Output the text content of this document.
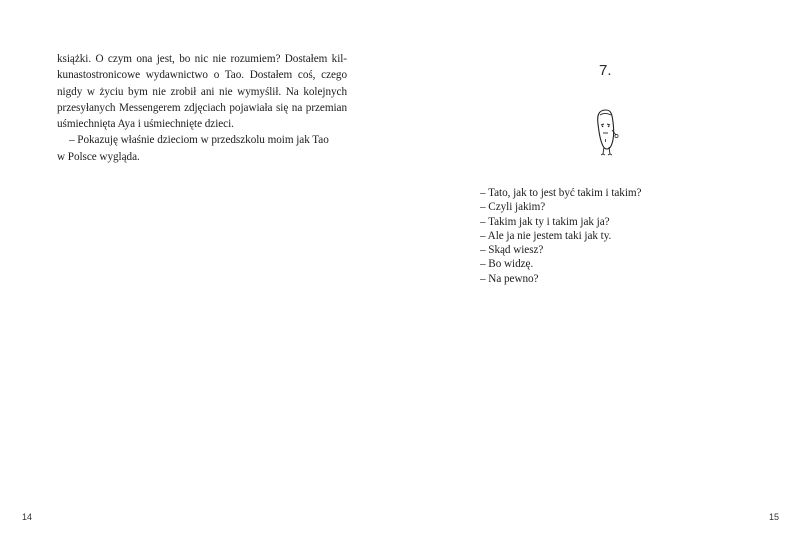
książki. O czym ona jest, bo nic nie rozumiem? Dostałem kil-
kunastostronicowe wydawnictwo o Tao. Dostałem coś, czego
nigdy w życiu bym nie zrobił ani nie wymyślił. Na kolejnych
przesyłanych Messengerem zdjęciach pojawiała się na przemian
uśmiechnięta Aya i uśmiechnięte dzieci.
– Pokazuję właśnie dzieciom w przedszkolu moim jak Tao
w Polsce wygląda.

7.

– Tato, jak to jest być takim i takim?
– Czyli jakim?
– Takim jak ty i takim jak ja?
– Ale ja nie jestem taki jak ty.
– Skąd wiesz?
– Bo widzę.
– Na pewno?

14	15
